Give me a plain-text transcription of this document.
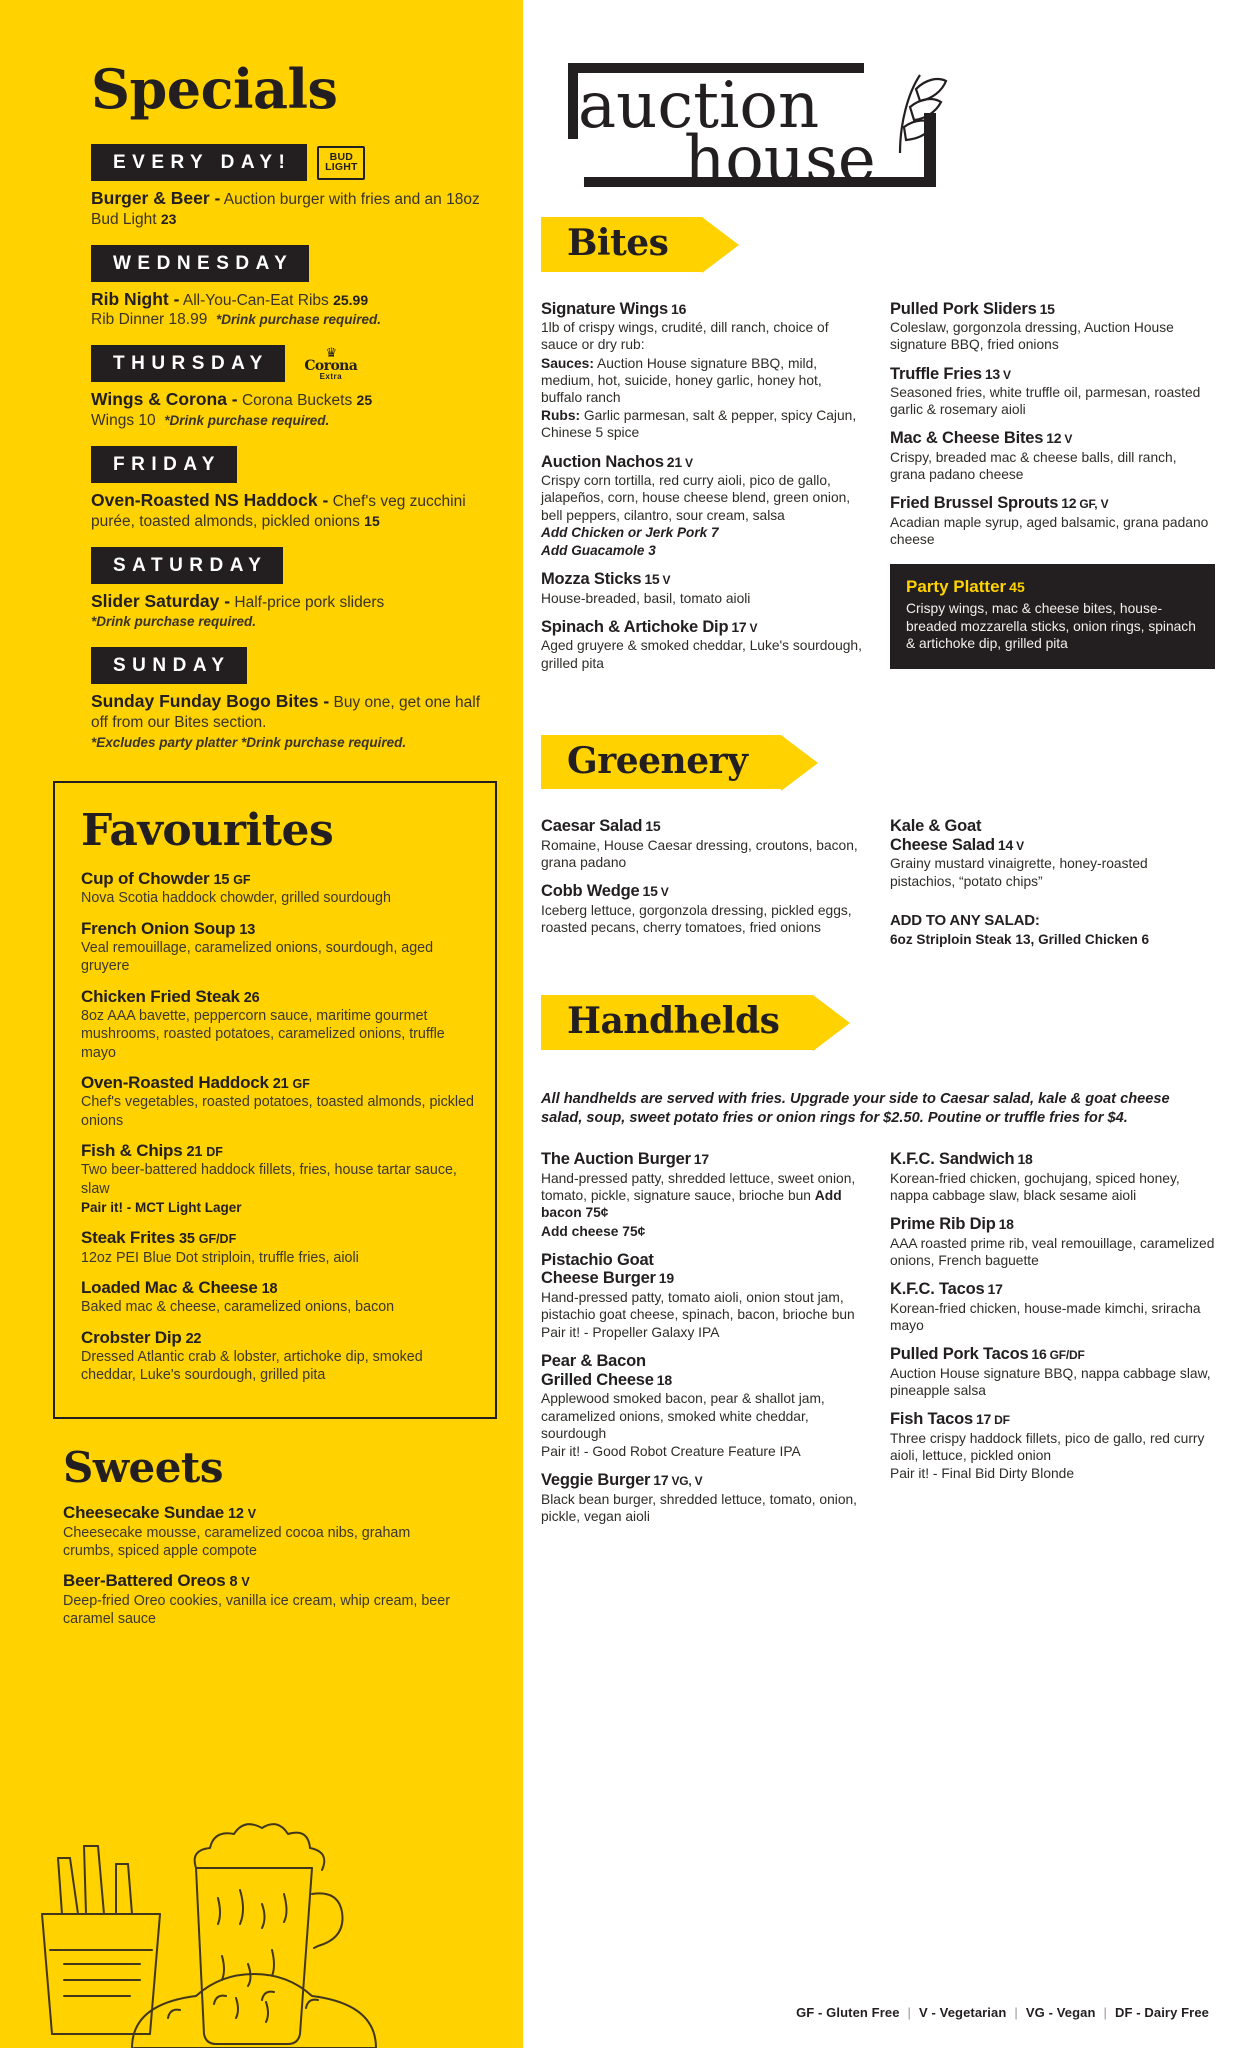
Specials
EVERY DAY!	BUD
LIGHT
Burger & Beer - Auction burger with fries and an 18oz Bud Light 23
WEDNESDAY
Rib Night - All-You-Can-Eat Ribs 25.99
Rib Dinner 18.99 *Drink purchase required.
THURSDAY
♛
Corona
Extra
Wings & Corona - Corona Buckets 25
Wings 10 *Drink purchase required.
FRIDAY
Oven-Roasted NS Haddock - Chef's veg zucchini purée, toasted almonds, pickled onions 15
SATURDAY
Slider Saturday - Half-price pork sliders
*Drink purchase required.
SUNDAY
Sunday Funday Bogo Bites - Buy one, get one half off from our Bites section.
*Excludes party platter *Drink purchase required.
Favourites
Cup of Chowder 15 GF
Nova Scotia haddock chowder, grilled sourdough
French Onion Soup 13
Veal remouillage, caramelized onions, sourdough, aged gruyere
Chicken Fried Steak 26
8oz AAA bavette, peppercorn sauce, maritime gourmet mushrooms, roasted potatoes, caramelized onions, truffle mayo
Oven-Roasted Haddock 21 GF
Chef's vegetables, roasted potatoes, toasted almonds, pickled onions
Fish & Chips 21 DF
Two beer-battered haddock fillets, fries, house tartar sauce, slaw
Pair it! - MCT Light Lager
Steak Frites 35 GF/DF
12oz PEI Blue Dot striploin, truffle fries, aioli
Loaded Mac & Cheese 18
Baked mac & cheese, caramelized onions, bacon
Crobster Dip 22
Dressed Atlantic crab & lobster, artichoke dip, smoked cheddar, Luke's sourdough, grilled pita
Sweets
Cheesecake Sundae 12 V
Cheesecake mousse, caramelized cocoa nibs, graham crumbs, spiced apple compote
Beer-Battered Oreos 8 V
Deep-fried Oreo cookies, vanilla ice cream, whip cream, beer caramel sauce
auction
house
Bites
Signature Wings 16
1lb of crispy wings, crudité, dill ranch, choice of sauce or dry rub:
Sauces: Auction House signature BBQ, mild, medium, hot, suicide, honey garlic, honey hot, buffalo ranch
Rubs: Garlic parmesan, salt & pepper, spicy Cajun, Chinese 5 spice
Auction Nachos 21 V
Crispy corn tortilla, red curry aioli, pico de gallo, jalapeños, corn, house cheese blend, green onion, bell peppers, cilantro, sour cream, salsa
Add Chicken or Jerk Pork 7
Add Guacamole 3
Mozza Sticks 15 V
House-breaded, basil, tomato aioli
Spinach & Artichoke Dip 17 V
Aged gruyere & smoked cheddar, Luke's sourdough, grilled pita
Pulled Pork Sliders 15
Coleslaw, gorgonzola dressing, Auction House signature BBQ, fried onions
Truffle Fries 13 V
Seasoned fries, white truffle oil, parmesan, roasted garlic & rosemary aioli
Mac & Cheese Bites 12 V
Crispy, breaded mac & cheese balls, dill ranch, grana padano cheese
Fried Brussel Sprouts 12 GF, V
Acadian maple syrup, aged balsamic, grana padano cheese
Party Platter 45
Crispy wings, mac & cheese bites, house-breaded mozzarella sticks, onion rings, spinach & artichoke dip, grilled pita
Greenery
Caesar Salad 15
Romaine, House Caesar dressing, croutons, bacon, grana padano
Cobb Wedge 15 V
Iceberg lettuce, gorgonzola dressing, pickled eggs, roasted pecans, cherry tomatoes, fried onions
Kale & Goat
Cheese Salad 14 V
Grainy mustard vinaigrette, honey-roasted pistachios, “potato chips”
ADD TO ANY SALAD:
6oz Striploin Steak 13, Grilled Chicken 6
Handhelds
All handhelds are served with fries. Upgrade your side to Caesar salad, kale & goat cheese salad, soup, sweet potato fries or onion rings for $2.50. Poutine or truffle fries for $4.
The Auction Burger 17
Hand-pressed patty, shredded lettuce, sweet onion, tomato, pickle, signature sauce, brioche bun Add bacon 75¢
Add cheese 75¢
Pistachio Goat
Cheese Burger 19
Hand-pressed patty, tomato aioli, onion stout jam, pistachio goat cheese, spinach, bacon, brioche bun
Pair it! - Propeller Galaxy IPA
Pear & Bacon
Grilled Cheese 18
Applewood smoked bacon, pear & shallot jam, caramelized onions, smoked white cheddar, sourdough
Pair it! - Good Robot Creature Feature IPA
Veggie Burger 17 VG, V
Black bean burger, shredded lettuce, tomato, onion, pickle, vegan aioli
K.F.C. Sandwich 18
Korean-fried chicken, gochujang, spiced honey, nappa cabbage slaw, black sesame aioli
Prime Rib Dip 18
AAA roasted prime rib, veal remouillage, caramelized onions, French baguette
K.F.C. Tacos 17
Korean-fried chicken, house-made kimchi, sriracha mayo
Pulled Pork Tacos 16 GF/DF
Auction House signature BBQ, nappa cabbage slaw, pineapple salsa
Fish Tacos 17 DF
Three crispy haddock fillets, pico de gallo, red curry aioli, lettuce, pickled onion
Pair it! - Final Bid Dirty Blonde
GF - Gluten Free | V - Vegetarian | VG - Vegan | DF - Dairy Free
